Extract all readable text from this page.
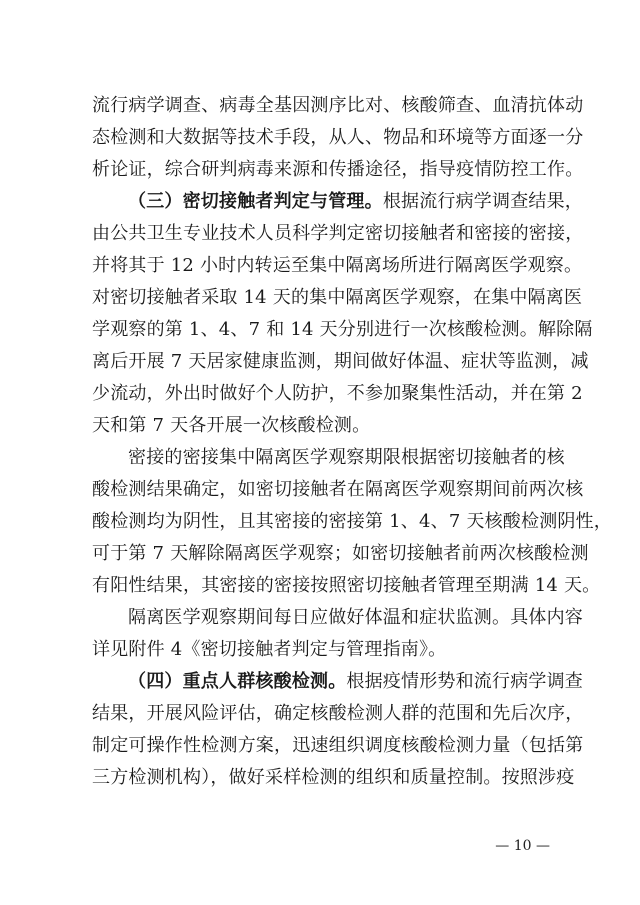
流行病学调查、病毒全基因测序比对、核酸筛查、血清抗体动
态检测和大数据等技术手段，从人、物品和环境等方面逐一分
析论证，综合研判病毒来源和传播途径，指导疫情防控工作。
（三）密切接触者判定与管理。根据流行病学调查结果，
由公共卫生专业技术人员科学判定密切接触者和密接的密接，
并将其于 12 小时内转运至集中隔离场所进行隔离医学观察。
对密切接触者采取 14 天的集中隔离医学观察，在集中隔离医
学观察的第 1、4、7 和 14 天分别进行一次核酸检测。解除隔
离后开展 7 天居家健康监测，期间做好体温、症状等监测，减
少流动，外出时做好个人防护，不参加聚集性活动，并在第 2
天和第 7 天各开展一次核酸检测。
密接的密接集中隔离医学观察期限根据密切接触者的核
酸检测结果确定，如密切接触者在隔离医学观察期间前两次核
酸检测均为阴性，且其密接的密接第 1、4、7 天核酸检测阴性，
可于第 7 天解除隔离医学观察；如密切接触者前两次核酸检测
有阳性结果，其密接的密接按照密切接触者管理至期满 14 天。
隔离医学观察期间每日应做好体温和症状监测。具体内容
详见附件 4《密切接触者判定与管理指南》。
（四）重点人群核酸检测。根据疫情形势和流行病学调查
结果，开展风险评估，确定核酸检测人群的范围和先后次序，
制定可操作性检测方案，迅速组织调度核酸检测力量（包括第
三方检测机构），做好采样检测的组织和质量控制。按照涉疫
— 10 —
